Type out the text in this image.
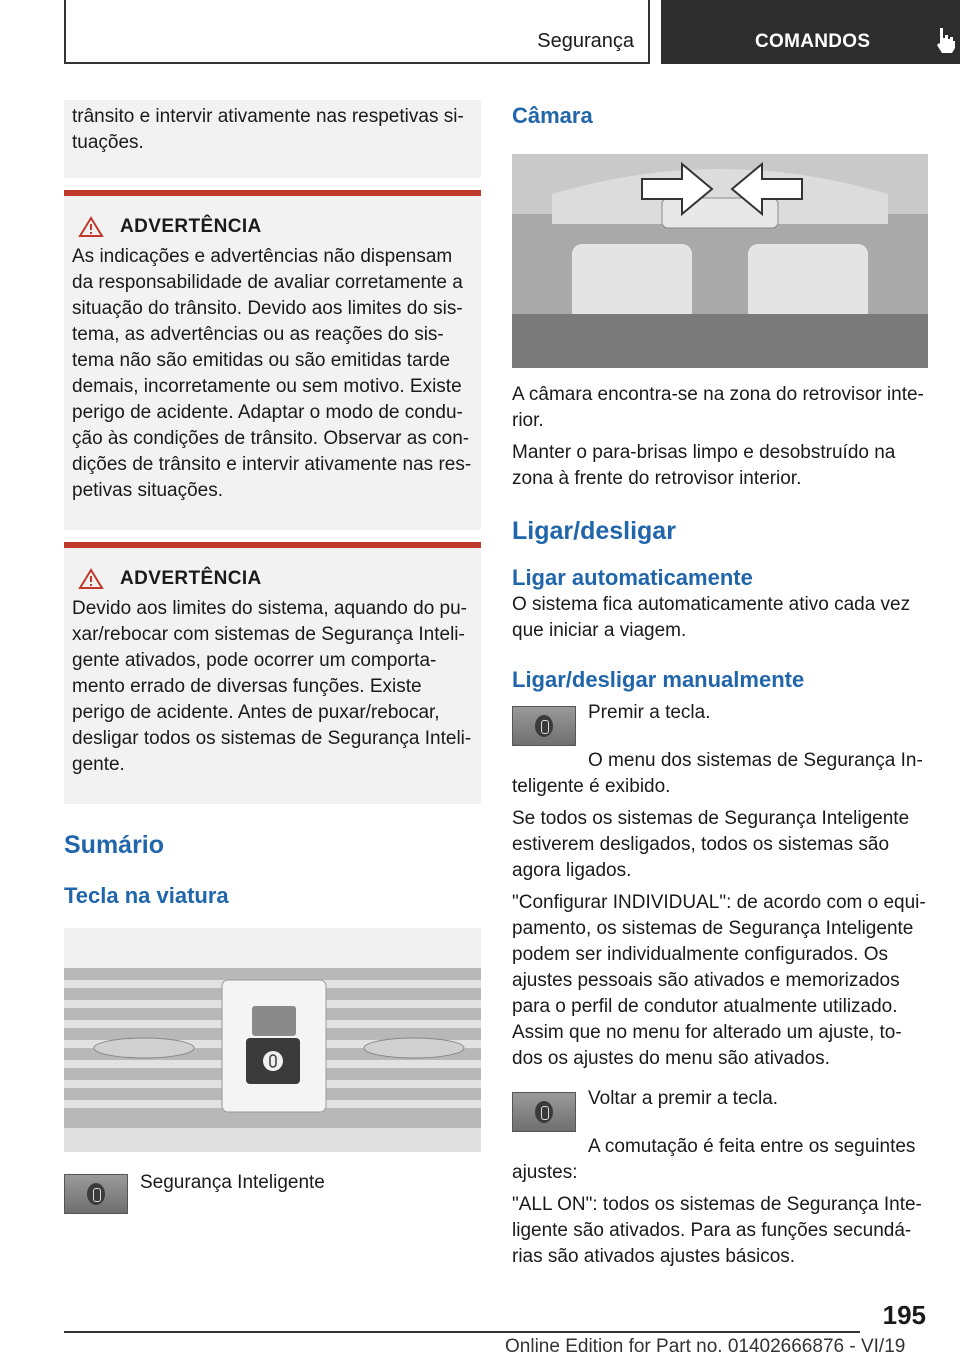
Segurança	COMANDOS

trânsito e intervir ativamente nas respetivas si-tuações.

ADVERTÊNCIA

As indicações e advertências não dispensam da responsabilidade de avaliar corretamente a situação do trânsito. Devido aos limites do sis-tema, as advertências ou as reações do sis-tema não são emitidas ou são emitidas tarde demais, incorretamente ou sem motivo. Existe perigo de acidente. Adaptar o modo de condu-ção às condições de trânsito. Observar as con-dições de trânsito e intervir ativamente nas res-petivas situações.

ADVERTÊNCIA

Devido aos limites do sistema, aquando do pu-xar/rebocar com sistemas de Segurança Inteli-gente ativados, pode ocorrer um comporta-mento errado de diversas funções. Existe perigo de acidente. Antes de puxar/rebocar, desligar todos os sistemas de Segurança Inteli-gente.

Sumário
Tecla na viatura

Segurança Inteligente

Câmara

A câmara encontra-se na zona do retrovisor inte-rior.

Manter o para-brisas limpo e desobstruído na zona à frente do retrovisor interior.

Ligar/desligar
Ligar automaticamente

O sistema fica automaticamente ativo cada vez que iniciar a viagem.

Ligar/desligar manualmente

Premir a tecla.

O menu dos sistemas de Segurança In-teligente é exibido.

Se todos os sistemas de Segurança Inteligente estiverem desligados, todos os sistemas são agora ligados.

"Configurar INDIVIDUAL": de acordo com o equi-pamento, os sistemas de Segurança Inteligente podem ser individualmente configurados. Os ajustes pessoais são ativados e memorizados para o perfil de condutor atualmente utilizado. Assim que no menu for alterado um ajuste, to-dos os ajustes do menu são ativados.

Voltar a premir a tecla.

A comutação é feita entre os seguintes ajustes:

"ALL ON": todos os sistemas de Segurança Inte-ligente são ativados. Para as funções secundá-rias são ativados ajustes básicos.

195
Online Edition for Part no. 01402666876 - VI/19
